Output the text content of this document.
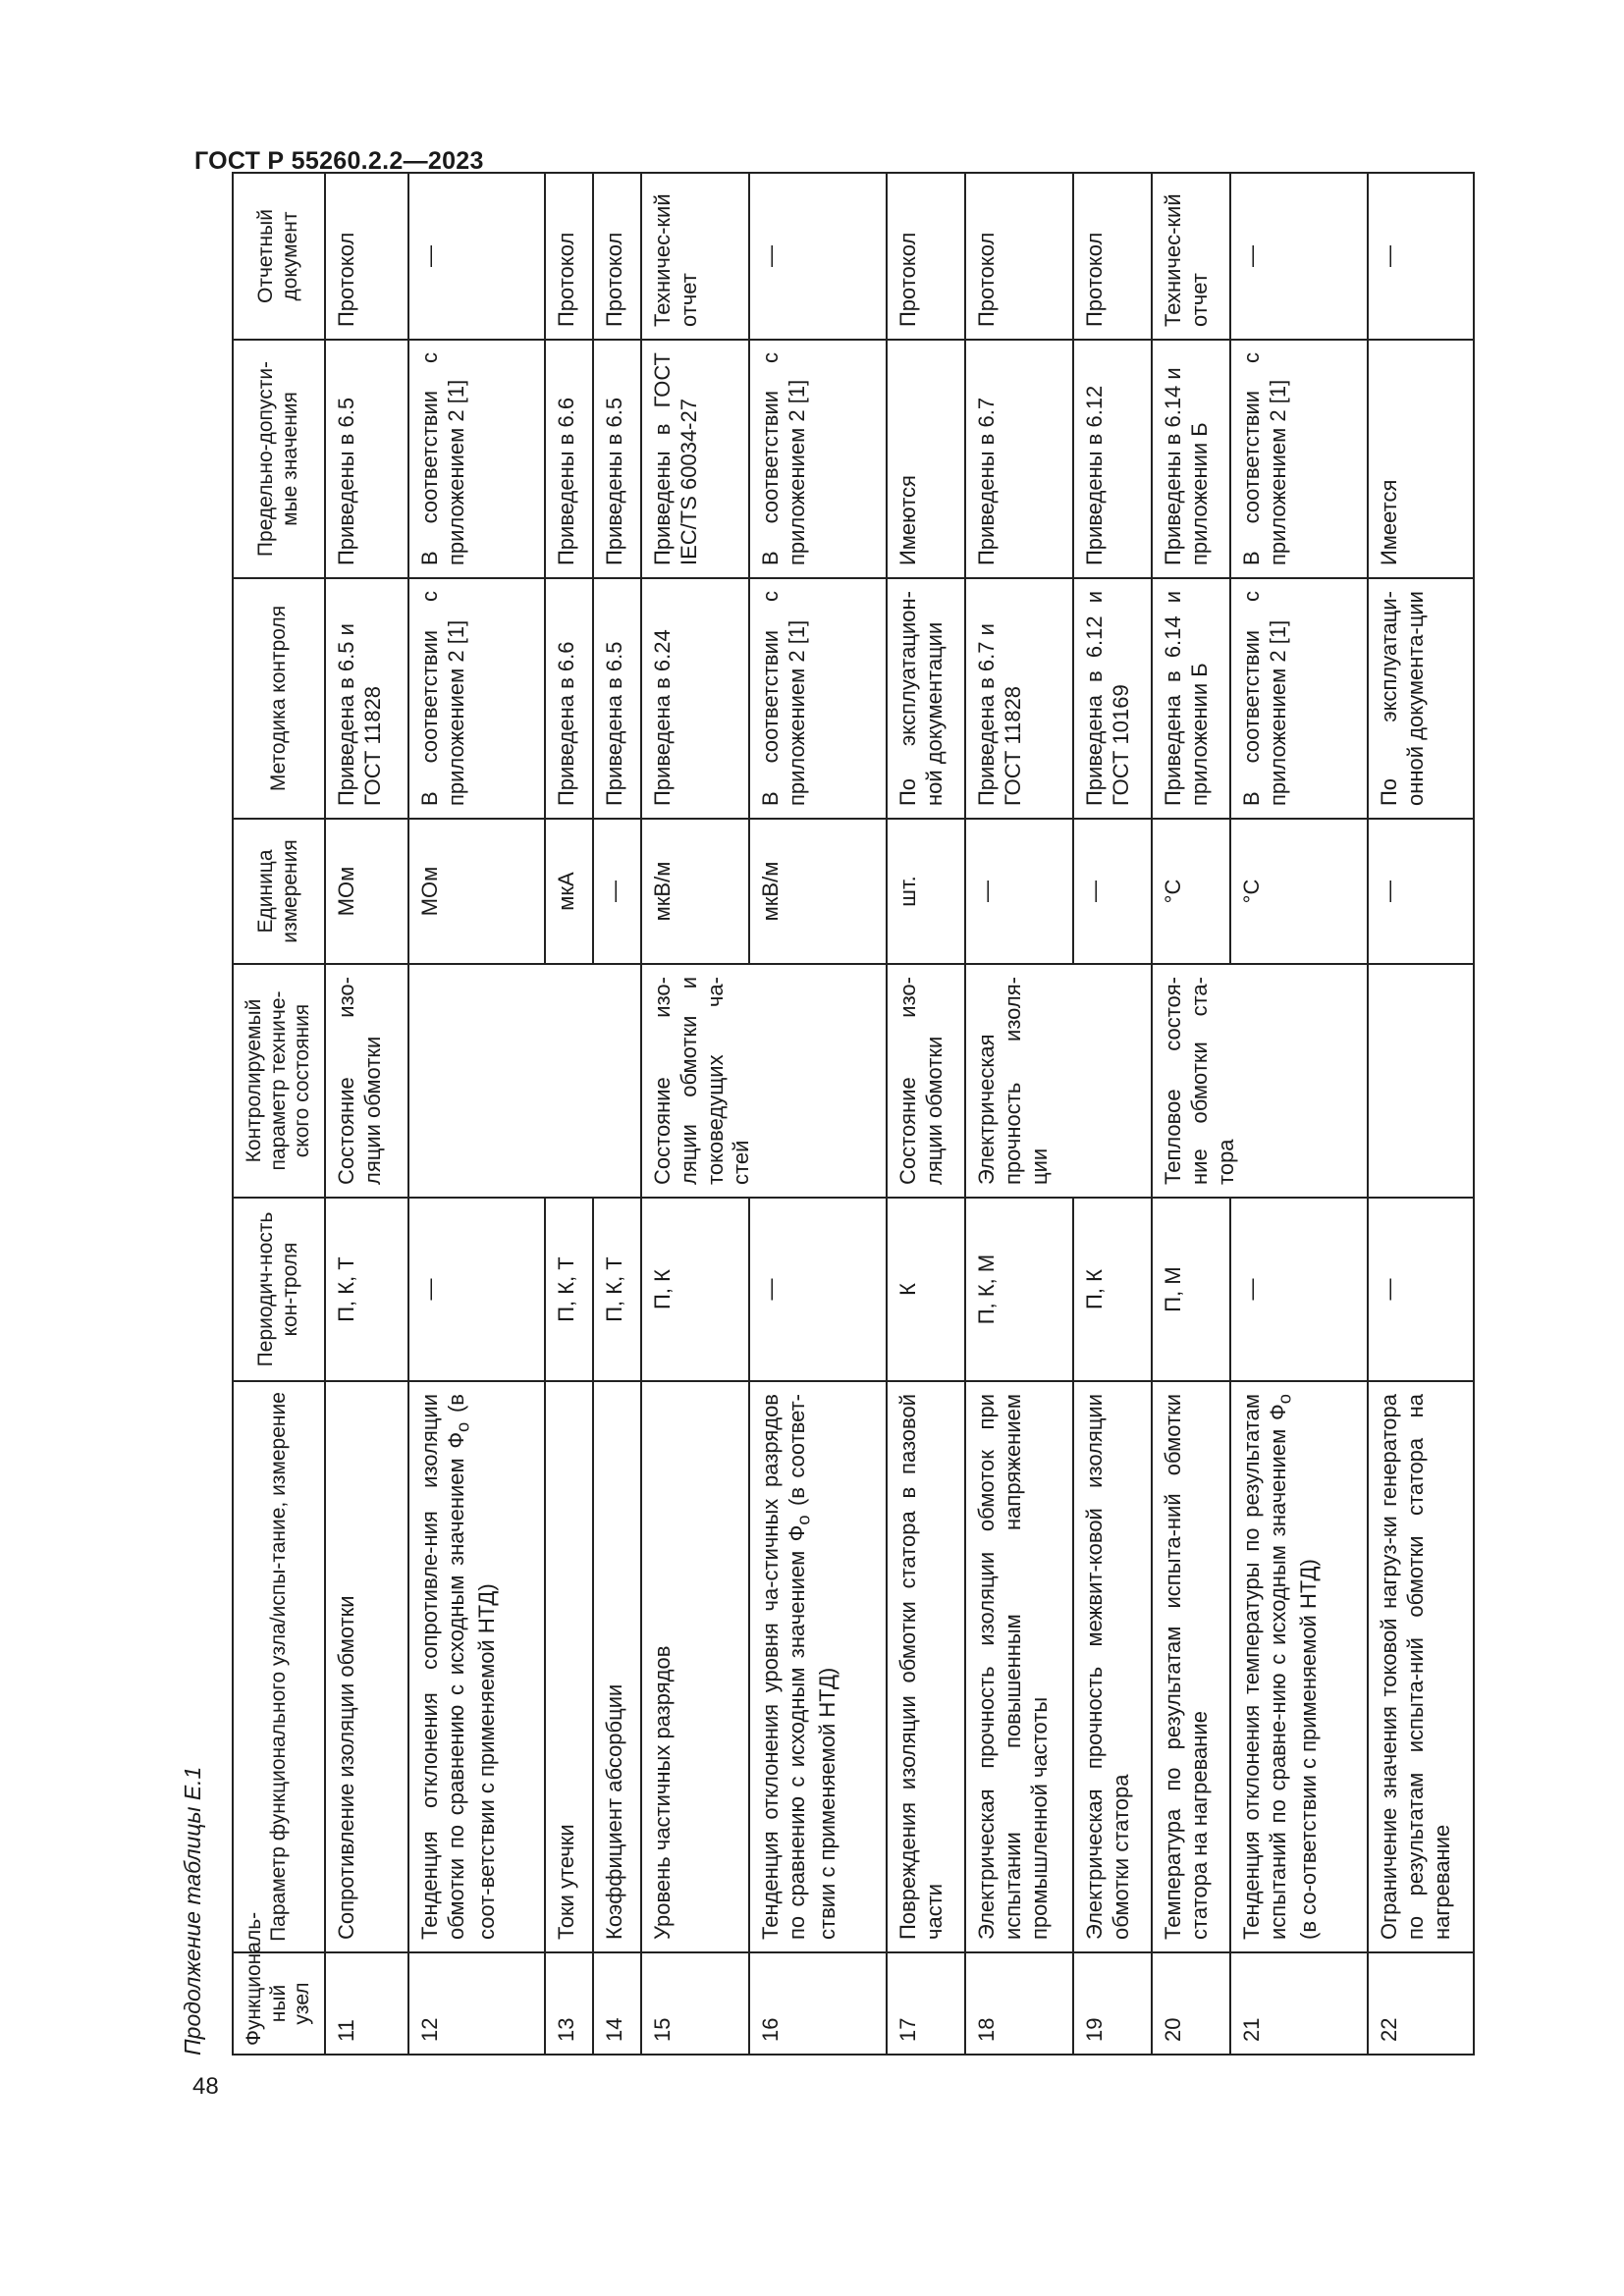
ГОСТ Р 55260.2.2—2023
Продолжение таблицы Е.1 Функциональ-ный узел	Параметр функционального узла/испы-тание, измерение	Периодич-ность кон-троля	Контролируемый параметр техниче-ского состояния	Единица измерения	Методика контроля	Предельно-допусти-мые значения	Отчетный документ
11	Сопротивление изоляции обмотки	П, К, Т	Состояние изо-ляции обмотки	МОм	Приведена в 6.5 и ГОСТ 11828	Приведены в 6.5	Протокол
12	Тенденция отклонения сопротивле-ния изоляции обмотки по сравнению с исходным значением $Ф_о$ (в соот-ветствии с применяемой НТД)	—		МОм	В соответствии с приложением 2 [1]	В соответствии с приложением 2 [1]	—
13	Токи утечки	П, К, Т		мкА	Приведена в 6.6	Приведены в 6.6	Протокол
14	Коэффициент абсорбции	П, К, Т		—	Приведена в 6.5	Приведены в 6.5	Протокол
15	Уровень частичных разрядов	П, К	Состояние изо-ляции обмотки и токоведущих ча-стей	мкВ/м	Приведена в 6.24	Приведены в ГОСТ IEC/TS 60034-27	Техничес-кий отчет
16	Тенденция отклонения уровня ча-стичных разрядов по сравнению с исходным значением $Ф_о$ (в соответ-ствии с применяемой НТД)	—		мкВ/м	В соответствии с приложением 2 [1]	В соответствии с приложением 2 [1]	—
17	Повреждения изоляции обмотки статора в пазовой части	К	Состояние изо-ляции обмотки	шт.	По эксплуатацион-ной документации	Имеются	Протокол
18	Электрическая прочность изоляции обмоток при испытании повышенным напряжением промышленной частоты	П, К, М	Электрическая прочность изоля-ции	—	Приведена в 6.7 и ГОСТ 11828	Приведены в 6.7	Протокол
19	Электрическая прочность межвит-ковой изоляции обмотки статора	П, К		—	Приведена в 6.12 и ГОСТ 10169	Приведены в 6.12	Протокол
20	Температура по результатам испыта-ний обмотки статора на нагревание	П, М	Тепловое состоя-ние обмотки ста-тора	°С	Приведена в 6.14 и приложении Б	Приведены в 6.14 и приложении Б	Техничес-кий отчет
21	Тенденция отклонения температуры по результатам испытаний по сравне-нию с исходным значением $Ф_о$ (в со-ответствии с применяемой НТД)	—		°С	В соответствии с приложением 2 [1]	В соответствии с приложением 2 [1]	—
22	Ограничение значения токовой нагруз-ки генератора по результатам испыта-ний обмотки статора на нагревание	—		—	По эксплуатаци-онной документа-ции	Имеется	—
48
